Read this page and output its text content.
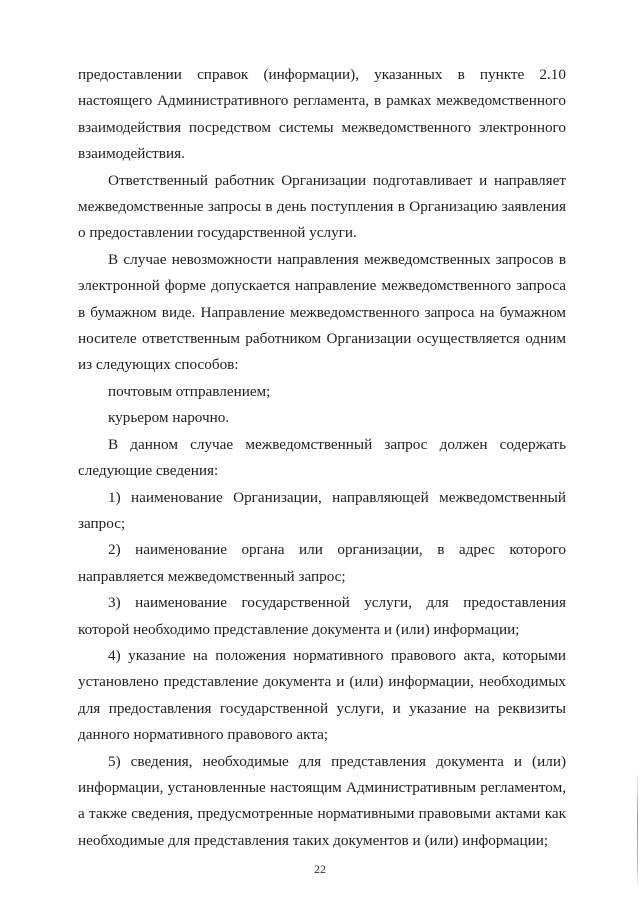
предоставлении справок (информации), указанных в пункте 2.10 настоящего Административного регламента, в рамках межведомственного взаимодействия посредством системы межведомственного электронного взаимодействия.

Ответственный работник Организации подготавливает и направляет межведомственные запросы в день поступления в Организацию заявления о предоставлении государственной услуги.

В случае невозможности направления межведомственных запросов в электронной форме допускается направление межведомственного запроса в бумажном виде. Направление межведомственного запроса на бумажном носителе ответственным работником Организации осуществляется одним из следующих способов:

почтовым отправлением;

курьером нарочно.

В данном случае межведомственный запрос должен содержать следующие сведения:

1) наименование Организации, направляющей межведомственный запрос;

2) наименование органа или организации, в адрес которого направляется межведомственный запрос;

3) наименование государственной услуги, для предоставления которой необходимо представление документа и (или) информации;

4) указание на положения нормативного правового акта, которыми установлено представление документа и (или) информации, необходимых для предоставления государственной услуги, и указание на реквизиты данного нормативного правового акта;

5) сведения, необходимые для представления документа и (или) информации, установленные настоящим Административным регламентом, а также сведения, предусмотренные нормативными правовыми актами как необходимые для представления таких документов и (или) информации;

22
